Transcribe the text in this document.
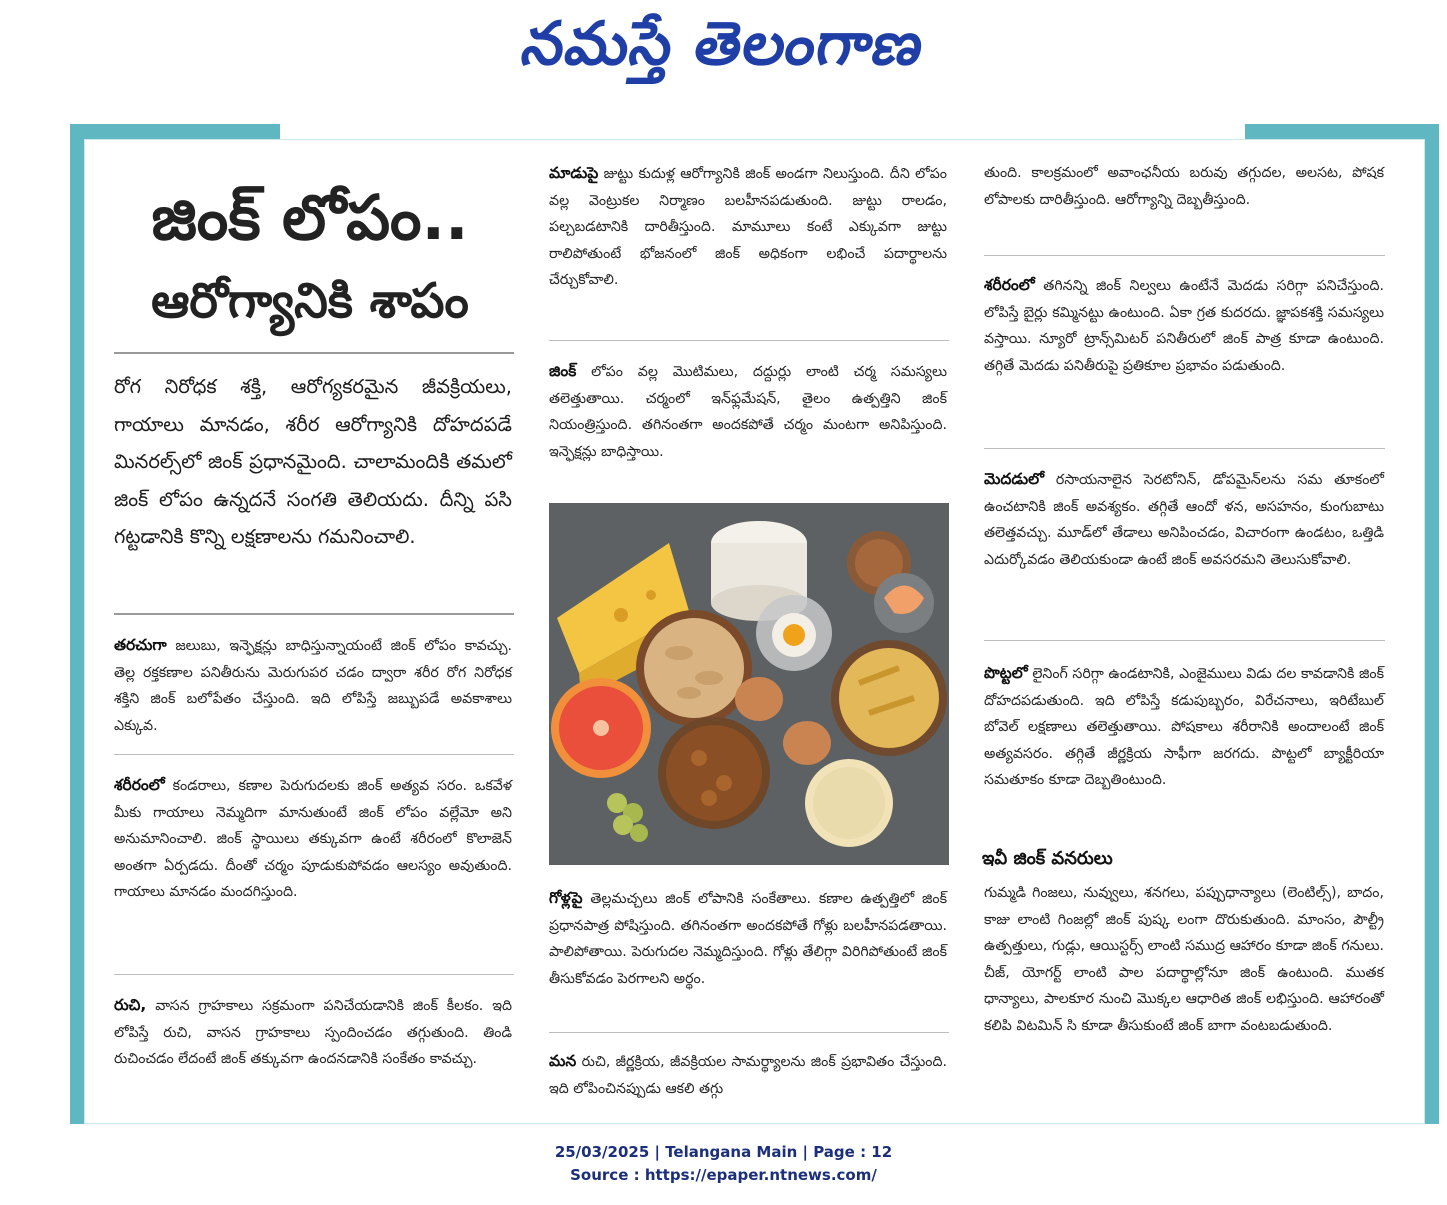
నమస్తే తెలంగాణ
జింక్ లోపం..
ఆరోగ్యానికి శాపం
రోగ నిరోధక శక్తి, ఆరోగ్యకరమైన జీవక్రియలు, గాయాలు మానడం, శరీర ఆరోగ్యానికి దోహదపడే మినరల్స్‌లో జింక్ ప్రధానమైంది. చాలామందికి తమలో జింక్ లోపం ఉన్నదనే సంగతి తెలియదు. దీన్ని పసి గట్టడానికి కొన్ని లక్షణాలను గమనించాలి.
తరచుగా జలుబు, ఇన్ఫెక్షన్లు బాధిస్తున్నాయంటే జింక్ లోపం కావచ్చు. తెల్ల రక్తకణాల పనితీరును మెరుగుపర చడం ద్వారా శరీర రోగ నిరోధక శక్తిని జింక్ బలోపేతం చేస్తుంది. ఇది లోపిస్తే జబ్బుపడే అవకాశాలు ఎక్కువ.
శరీరంలో కండరాలు, కణాల పెరుగుదలకు జింక్ అత్యవ సరం. ఒకవేళ మీకు గాయాలు నెమ్మదిగా మానుతుంటే జింక్ లోపం వల్లేమో అని అనుమానించాలి. జింక్ స్థాయిలు తక్కువగా ఉంటే శరీరంలో కొలాజెన్ అంతగా ఏర్పడదు. దీంతో చర్మం పూడుకుపోవడం ఆలస్యం అవుతుంది. గాయాలు మానడం మందగిస్తుంది.
రుచి, వాసన గ్రాహకాలు సక్రమంగా పనిచేయడానికి జింక్ కీలకం. ఇది లోపిస్తే రుచి, వాసన గ్రాహకాలు స్పందించడం తగ్గుతుంది. తిండి రుచించడం లేదంటే జింక్ తక్కువగా ఉందనడానికి సంకేతం కావచ్చు.
మాడుపై జుట్టు కుదుళ్ల ఆరోగ్యానికి జింక్ అండగా నిలుస్తుంది. దీని లోపం వల్ల వెంట్రుకల నిర్మాణం బలహీనపడుతుంది. జుట్టు రాలడం, పల్చబడటానికి దారితీస్తుంది. మామూలు కంటే ఎక్కువగా జుట్టు రాలిపోతుంటే భోజనంలో జింక్ అధికంగా లభించే పదార్థాలను చేర్చుకోవాలి.
జింక్ లోపం వల్ల మొటిమలు, దద్దుర్లు లాంటి చర్మ సమస్యలు తలెత్తుతాయి. చర్మంలో ఇన్‌ఫ్లమేషన్, తైలం ఉత్పత్తిని జింక్ నియంత్రిస్తుంది. తగినంతగా అందకపోతే చర్మం మంటగా అనిపిస్తుంది. ఇన్ఫెక్షన్లు బాధిస్తాయి.
గోళ్లపై తెల్లమచ్చలు జింక్ లోపానికి సంకేతాలు. కణాల ఉత్పత్తిలో జింక్ ప్రధానపాత్ర పోషిస్తుంది. తగినంతగా అందకపోతే గోళ్లు బలహీనపడతాయి. పాలిపోతాయి. పెరుగుదల నెమ్మదిస్తుంది. గోళ్లు తేలిగ్గా విరిగిపోతుంటే జింక్ తీసుకోవడం పెరగాలని అర్థం.
మన రుచి, జీర్ణక్రియ, జీవక్రియల సామర్థ్యాలను జింక్ ప్రభావితం చేస్తుంది. ఇది లోపించినప్పుడు ఆకలి తగ్గు
తుంది. కాలక్రమంలో అవాంఛనీయ బరువు తగ్గుదల, అలసట, పోషక లోపాలకు దారితీస్తుంది. ఆరోగ్యాన్ని దెబ్బతీస్తుంది.
శరీరంలో తగినన్ని జింక్ నిల్వలు ఉంటేనే మెదడు సరిగ్గా పనిచేస్తుంది. లోపిస్తే బైర్లు కమ్మినట్టు ఉంటుంది. ఏకా గ్రత కుదరదు. జ్ఞాపకశక్తి సమస్యలు వస్తాయి. న్యూరో ట్రాన్స్‌మిటర్ పనితీరులో జింక్ పాత్ర కూడా ఉంటుంది. తగ్గితే మెదడు పనితీరుపై ప్రతికూల ప్రభావం పడుతుంది.
మెదడులో రసాయనాలైన సెరటోనిన్, డోపమైన్‌లను సమ తూకంలో ఉంచటానికి జింక్ అవశ్యకం. తగ్గితే ఆందో ళన, అసహనం, కుంగుబాటు తలెత్తవచ్చు. మూడ్‌లో తేడాలు అనిపించడం, విచారంగా ఉండటం, ఒత్తిడి ఎదుర్కోవడం తెలియకుండా ఉంటే జింక్ అవసరమని తెలుసుకోవాలి.
పొట్టలో లైనింగ్ సరిగ్గా ఉండటానికి, ఎంజైములు విడు దల కావడానికి జింక్ దోహదపడుతుంది. ఇది లోపిస్తే కడుపుబ్బరం, విరేచనాలు, ఇరిటేబుల్ బోవెల్ లక్షణాలు తలెత్తుతాయి. పోషకాలు శరీరానికి అందాలంటే జింక్ అత్యవసరం. తగ్గితే జీర్ణక్రియ సాఫీగా జరగదు. పొట్టలో బ్యాక్టీరియా సమతూకం కూడా దెబ్బతింటుంది.
ఇవీ జింక్ వనరులు
గుమ్మడి గింజలు, నువ్వులు, శనగలు, పప్పుధాన్యాలు (లెంటిల్స్), బాదం, కాజు లాంటి గింజల్లో జింక్ పుష్క లంగా దొరుకుతుంది. మాంసం, పౌల్ట్రీ ఉత్పత్తులు, గుడ్లు, ఆయిస్టర్స్ లాంటి సముద్ర ఆహారం కూడా జింక్ గనులు. చీజ్, యోగర్ట్ లాంటి పాల పదార్థాల్లోనూ జింక్ ఉంటుంది. ముతక ధాన్యాలు, పాలకూర నుంచి మొక్కల ఆధారిత జింక్ లభిస్తుంది. ఆహారంతో కలిపి విటమిన్ సి కూడా తీసుకుంటే జింక్ బాగా వంటబడుతుంది.
25/03/2025 | Telangana Main | Page : 12
Source : https://epaper.ntnews.com/
